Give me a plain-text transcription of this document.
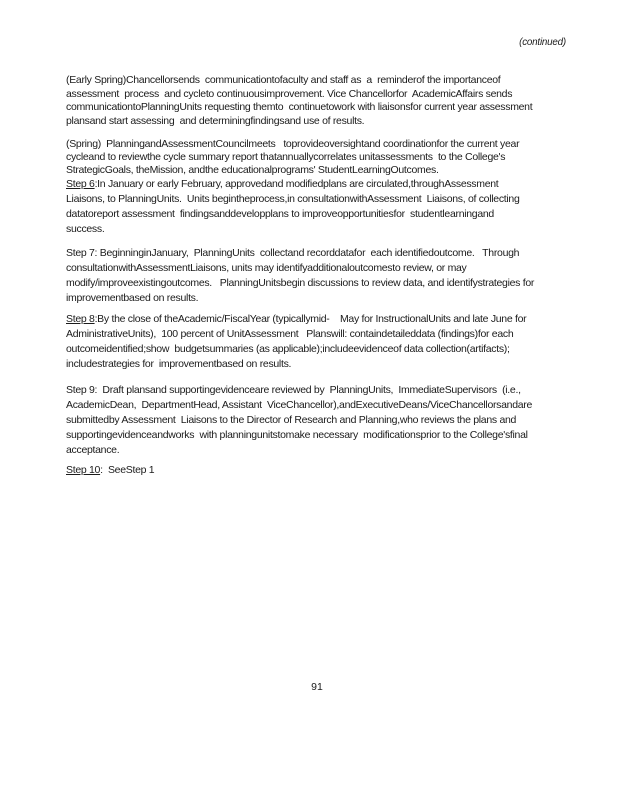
(continued)
(Early Spring)Chancellorsends  communicationtofaculty and staff as  a  reminderof the importanceof
assessment  process  and cycleto continuousimprovement. Vice Chancellorfor  AcademicAffairs sends
communicationtoPlanningUnits requesting themto  continuetowork with liaisonsfor current year assessment
plansand start assessing  and determiningfindingsand use of results.
(Spring)  PlanningandAssessmentCouncilmeets   toprovideoversightand coordinationfor the current year
cycleand to reviewthe cycle summary report thatannuallycorrelates unitassessments  to the College's
StrategicGoals, theMission, andthe educationalprograms' StudentLearningOutcomes.
Step 6:In January or early February, approvedand modifiedplans are circulated,throughAssessment
Liaisons, to PlanningUnits.  Units begintheprocess,in consultationwithAssessment  Liaisons, of collecting
datatoreport assessment  findingsanddevelopplans to improveopportunitiesfor  studentlearningand
success.
Step 7: BeginninginJanuary,  PlanningUnits  collectand recorddatafor  each identifiedoutcome.   Through
consultationwithAssessmentLiaisons, units may identifyadditionaloutcomesto review, or may
modify/improveexistingoutcomes.   PlanningUnitsbegin discussions to review data, and identifystrategies for
improvementbased on results.
Step 8:By the close of theAcademic/FiscalYear (typicallymid-    May for InstructionalUnits and late June for
AdministrativeUnits),  100 percent of UnitAssessment   Planswill: containdetaileddata (findings)for each
outcomeidentified;show  budgetsummaries (as applicable);includeevidenceof data collection(artifacts);
includestrategies for  improvementbased on results.
Step 9:  Draft plansand supportingevidenceare reviewed by  PlanningUnits,  ImmediateSupervisors  (i.e.,
AcademicDean,  DepartmentHead, Assistant  ViceChancellor),andExecutiveDeans/ViceChancellorsandare
submittedby Assessment  Liaisons to the Director of Research and Planning,who reviews the plans and
supportingevidenceandworks  with planningunitstomake necessary  modificationsprior to the College'sfinal
acceptance.
Step 10:  SeeStep 1
91
